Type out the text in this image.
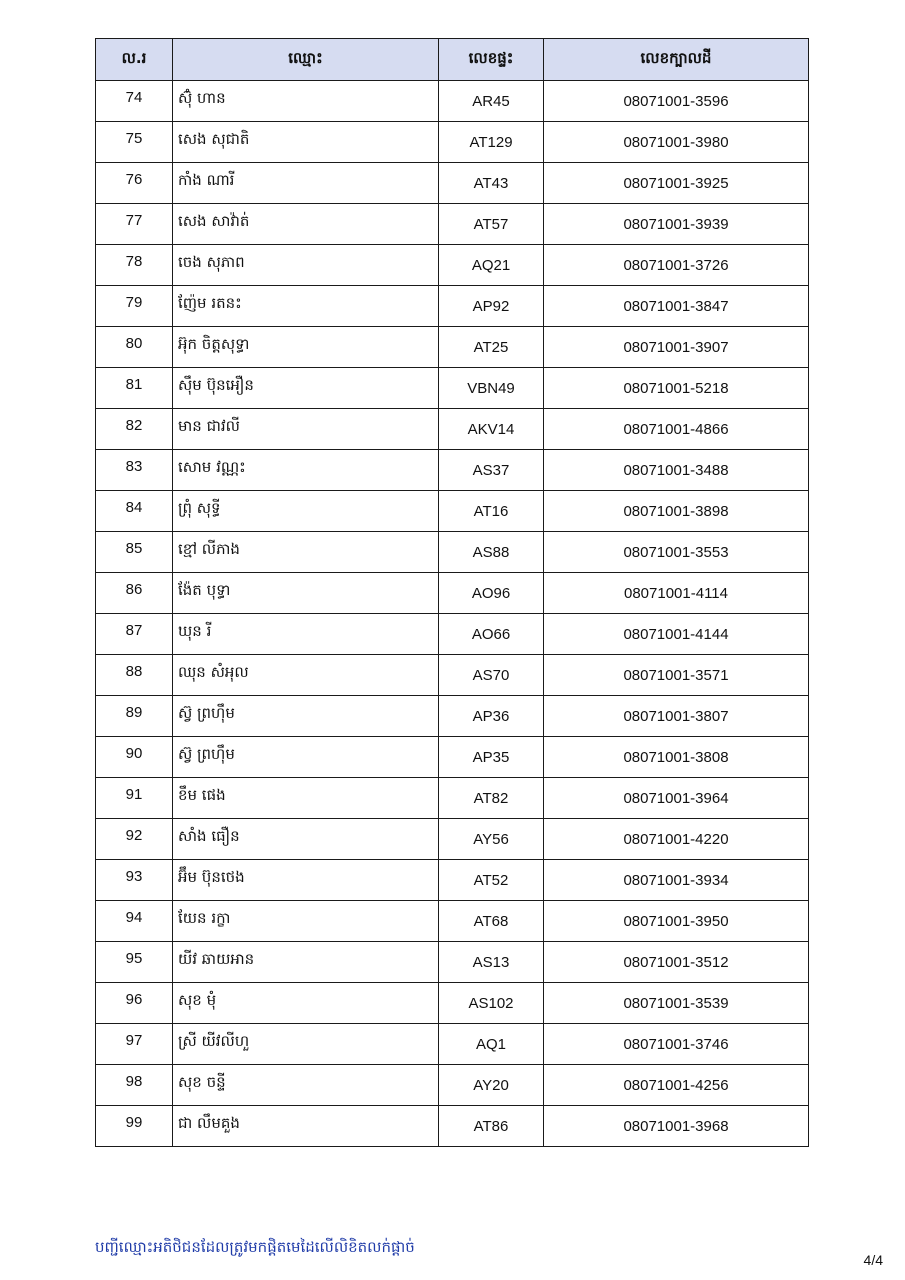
ល.រ	ឈ្មោះ	លេខផ្ទះ	លេខក្បាលដី
74	ស៊ុំ ហាន	AR45	08071001-3596
75	សេង សុជាតិ	AT129	08071001-3980
76	កាំង ណារី	AT43	08071001-3925
77	សេង សាវ៉ាត់	AT57	08071001-3939
78	ចេង សុភាព	AQ21	08071001-3726
79	ញ៉ែម រតនះ	AP92	08071001-3847
80	អ៊ុក ចិត្តសុទ្ធា	AT25	08071001-3907
81	ស៊ឹម ប៊ុនអឿន	VBN49	08071001-5218
82	មាន ជាវលី	AKV14	08071001-4866
83	សោម វណ្ណះ	AS37	08071001-3488
84	ព្រុំ សុទ្ធី	AT16	08071001-3898
85	ខ្មៅ លីភាង	AS88	08071001-3553
86	ង៉ែត បុទ្ធា	AO96	08071001-4114
87	ឃុន រី	AO66	08071001-4144
88	ឈុន សំអុល	AS70	08071001-3571
89	ស៊្វ ព្រហ៊ឹម	AP36	08071001-3807
90	ស៊្វ ព្រហ៊ឹម	AP35	08071001-3808
91	ខឹម ផេង	AT82	08071001-3964
92	សាំង ធឿន	AY56	08071001-4220
93	អ៊ឹម ប៊ុនថេង	AT52	08071001-3934
94	យែន រក្ខា	AT68	08071001-3950
95	យីវ ឆាយអាន	AS13	08071001-3512
96	សុខ មុំ	AS102	08071001-3539
97	ស្រី យីវលីហួ	AQ1	08071001-3746
98	សុខ ចន្ទី	AY20	08071001-4256
99	ជា លឹមគួង	AT86	08071001-3968
បញ្ជីឈ្មោះអតិថិជនដែលត្រូវមកផ្ដិតមេដៃលើលិខិតលក់ផ្ដាច់
4/4
